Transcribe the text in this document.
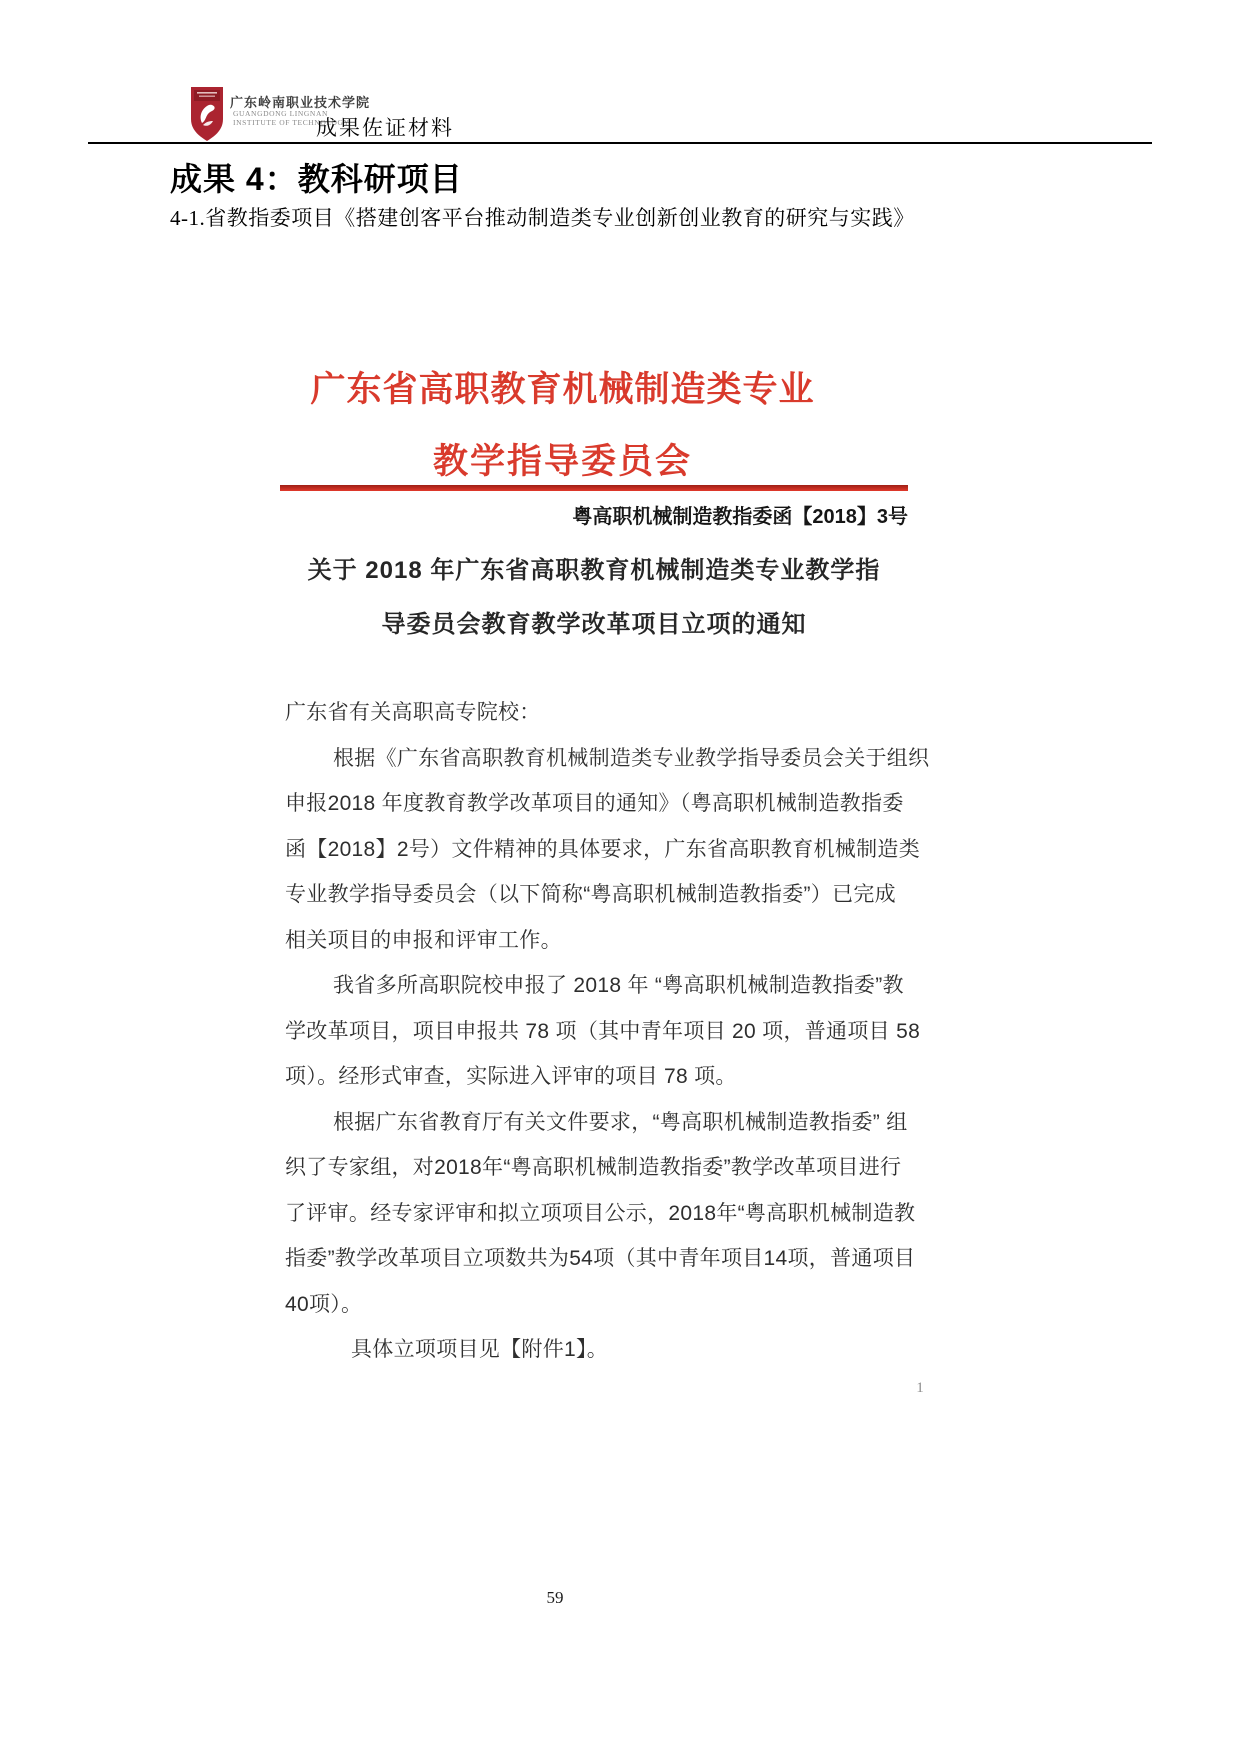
广东岭南职业技术学院
GUANGDONG LINGNAN
INSTITUTE OF TECHNOLOGY
成果佐证材料
成果 4：教科研项目
4-1.省教指委项目《搭建创客平台推动制造类专业创新创业教育的研究与实践》
广东省高职教育机械制造类专业
教学指导委员会
粤高职机械制造教指委函【2018】3号
关于 2018 年广东省高职教育机械制造类专业教学指
导委员会教育教学改革项目立项的通知
广东省有关高职高专院校：
根据《广东省高职教育机械制造类专业教学指导委员会关于组织
申报2018 年度教育教学改革项目的通知》（粤高职机械制造教指委
函【2018】2号）文件精神的具体要求，广东省高职教育机械制造类
专业教学指导委员会（以下简称“粤高职机械制造教指委”）已完成
相关项目的申报和评审工作。
我省多所高职院校申报了 2018 年 “粤高职机械制造教指委”教
学改革项目，项目申报共 78 项（其中青年项目 20 项，普通项目 58
项）。经形式审查，实际进入评审的项目 78 项。
根据广东省教育厅有关文件要求，“粤高职机械制造教指委” 组
织了专家组，对2018年“粤高职机械制造教指委”教学改革项目进行
了评审。经专家评审和拟立项项目公示，2018年“粤高职机械制造教
指委”教学改革项目立项数共为54项（其中青年项目14项，普通项目
40项）。
具体立项项目见【附件1】。
1
59
